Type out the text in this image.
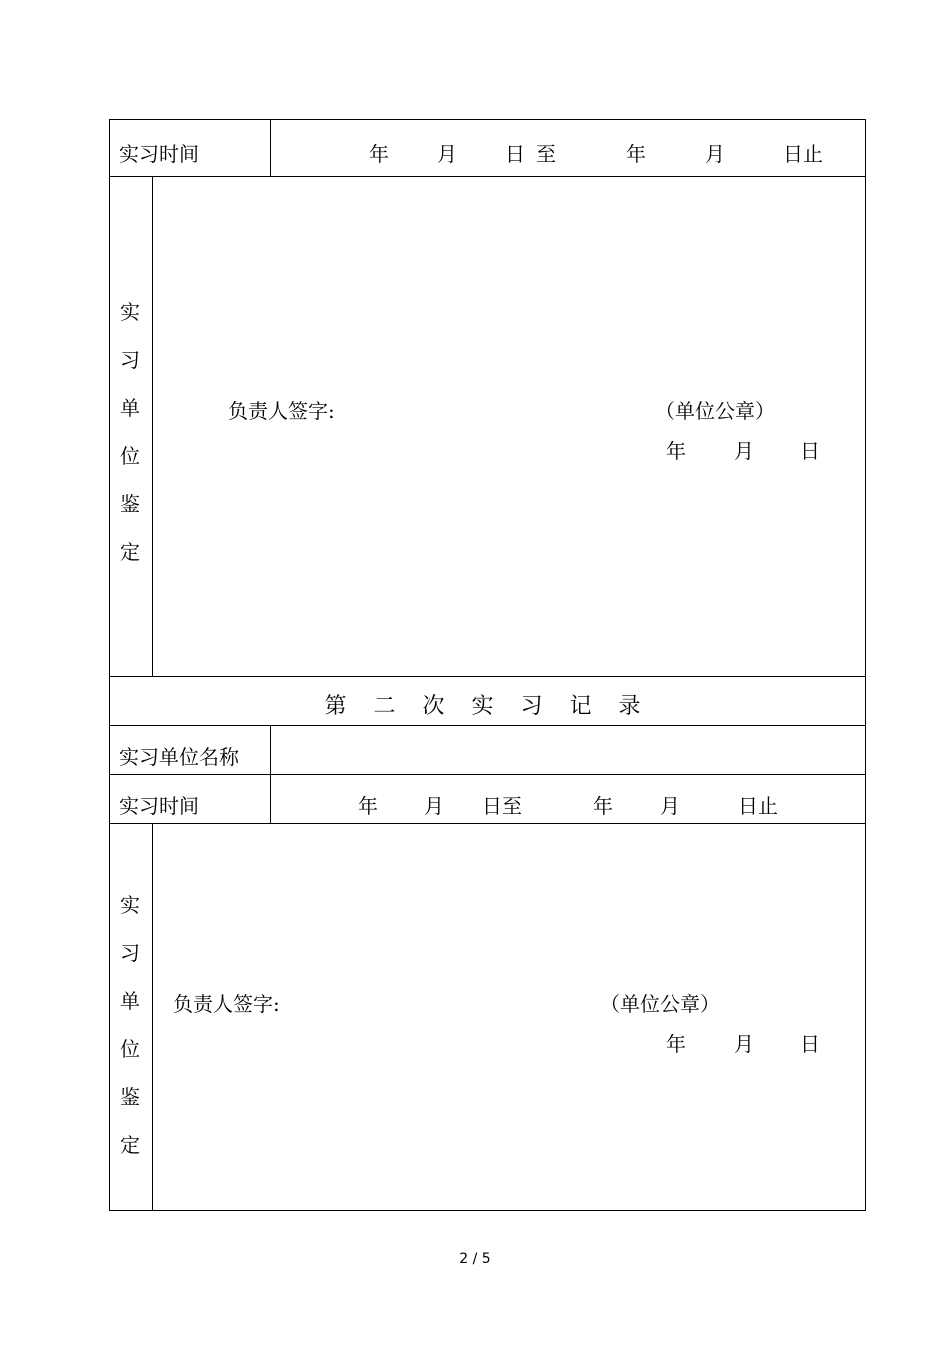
实习时间	年 月 日 至	年	月	日止
实
习
单
位
鉴
定
负责人签字:	（单位公章）
年 月 日
第 二 次 实 习 记 录
实习单位名称
实习时间	年 月 日至	年 月	日止
实
习
单
位
鉴
定
负责人签字:	（单位公章）
年 月 日
2 / 5
